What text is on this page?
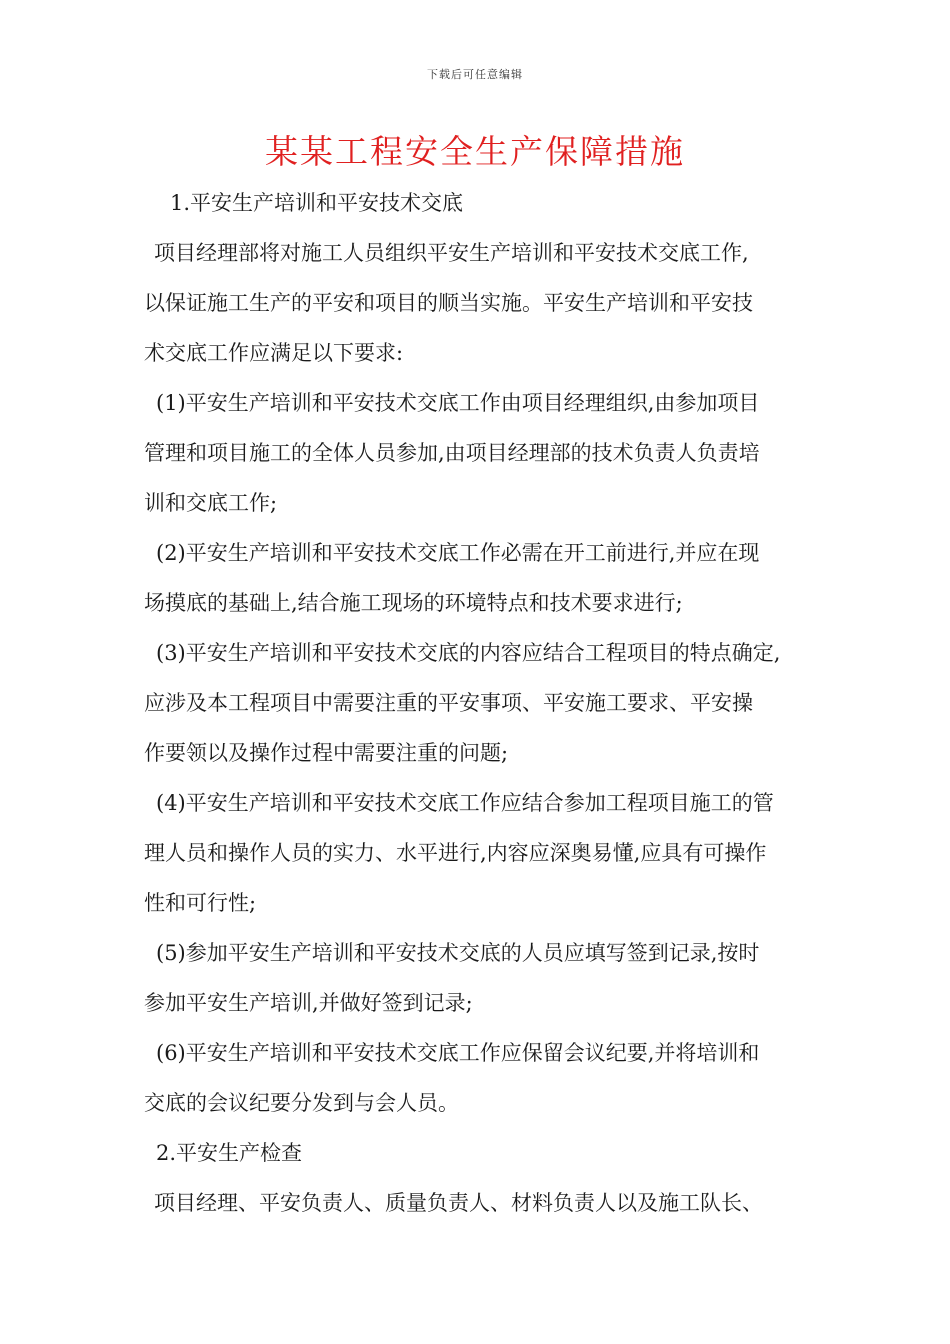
下载后可任意编辑
某某工程安全生产保障措施
1.平安生产培训和平安技术交底
项目经理部将对施工人员组织平安生产培训和平安技术交底工作,
以保证施工生产的平安和项目的顺当实施。平安生产培训和平安技
术交底工作应满足以下要求:
(1)平安生产培训和平安技术交底工作由项目经理组织,由参加项目
管理和项目施工的全体人员参加,由项目经理部的技术负责人负责培
训和交底工作;
(2)平安生产培训和平安技术交底工作必需在开工前进行,并应在现
场摸底的基础上,结合施工现场的环境特点和技术要求进行;
(3)平安生产培训和平安技术交底的内容应结合工程项目的特点确定,
应涉及本工程项目中需要注重的平安事项、平安施工要求、平安操
作要领以及操作过程中需要注重的问题;
(4)平安生产培训和平安技术交底工作应结合参加工程项目施工的管
理人员和操作人员的实力、水平进行,内容应深奥易懂,应具有可操作
性和可行性;
(5)参加平安生产培训和平安技术交底的人员应填写签到记录,按时
参加平安生产培训,并做好签到记录;
(6)平安生产培训和平安技术交底工作应保留会议纪要,并将培训和
交底的会议纪要分发到与会人员。
2.平安生产检查
项目经理、平安负责人、质量负责人、材料负责人以及施工队长、
